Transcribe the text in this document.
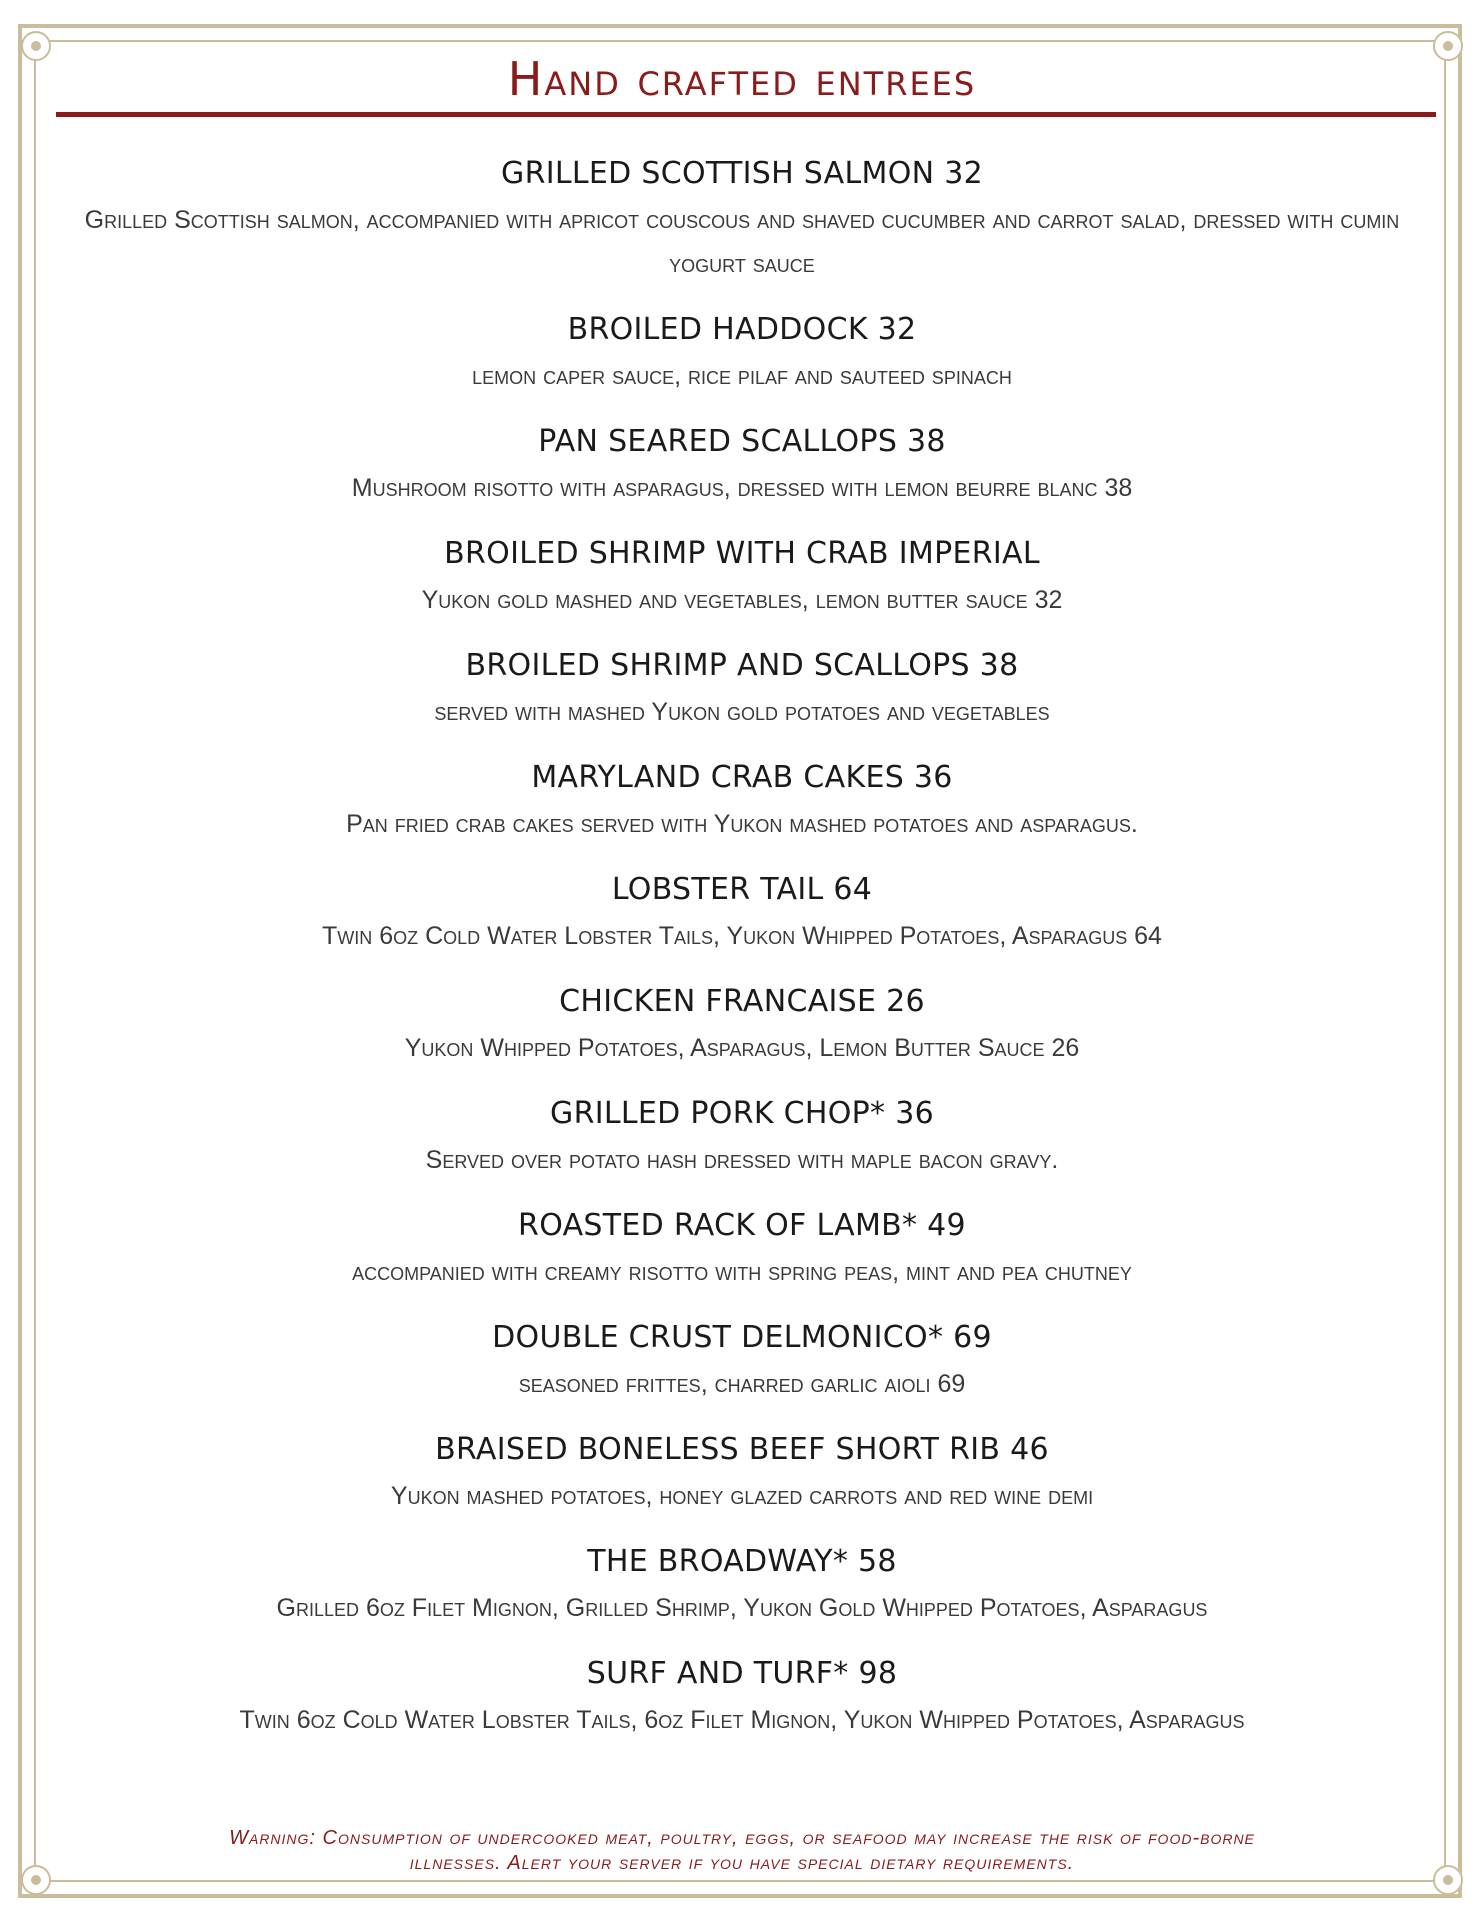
Hand crafted entrees
GRILLED SCOTTISH SALMON 32
Grilled Scottish salmon, accompanied with apricot couscous and shaved cucumber and carrot salad, dressed with cumin yogurt sauce
BROILED HADDOCK 32
lemon caper sauce, rice pilaf and sauteed spinach
PAN SEARED SCALLOPS 38
Mushroom risotto with asparagus, dressed with lemon beurre blanc 38
BROILED SHRIMP WITH CRAB IMPERIAL
Yukon gold mashed and vegetables, lemon butter sauce 32
BROILED SHRIMP AND SCALLOPS 38
served with mashed Yukon gold potatoes and vegetables
MARYLAND CRAB CAKES 36
Pan fried crab cakes served with Yukon mashed potatoes and asparagus.
LOBSTER TAIL 64
Twin 6oz Cold Water Lobster Tails, Yukon Whipped Potatoes, Asparagus 64
CHICKEN FRANCAISE 26
Yukon Whipped Potatoes, Asparagus, Lemon Butter Sauce 26
GRILLED PORK CHOP* 36
Served over potato hash dressed with maple bacon gravy.
ROASTED RACK OF LAMB* 49
accompanied with creamy risotto with spring peas, mint and pea chutney
DOUBLE CRUST DELMONICO* 69
seasoned frittes, charred garlic aioli 69
BRAISED BONELESS BEEF SHORT RIB 46
Yukon mashed potatoes, honey glazed carrots and red wine demi
THE BROADWAY* 58
Grilled 6oz Filet Mignon, Grilled Shrimp, Yukon Gold Whipped Potatoes, Asparagus
SURF AND TURF* 98
Twin 6oz Cold Water Lobster Tails, 6oz Filet Mignon, Yukon Whipped Potatoes, Asparagus
Warning: Consumption of undercooked meat, poultry, eggs, or seafood may increase the risk of food-borne illnesses. Alert your server if you have special dietary requirements.
